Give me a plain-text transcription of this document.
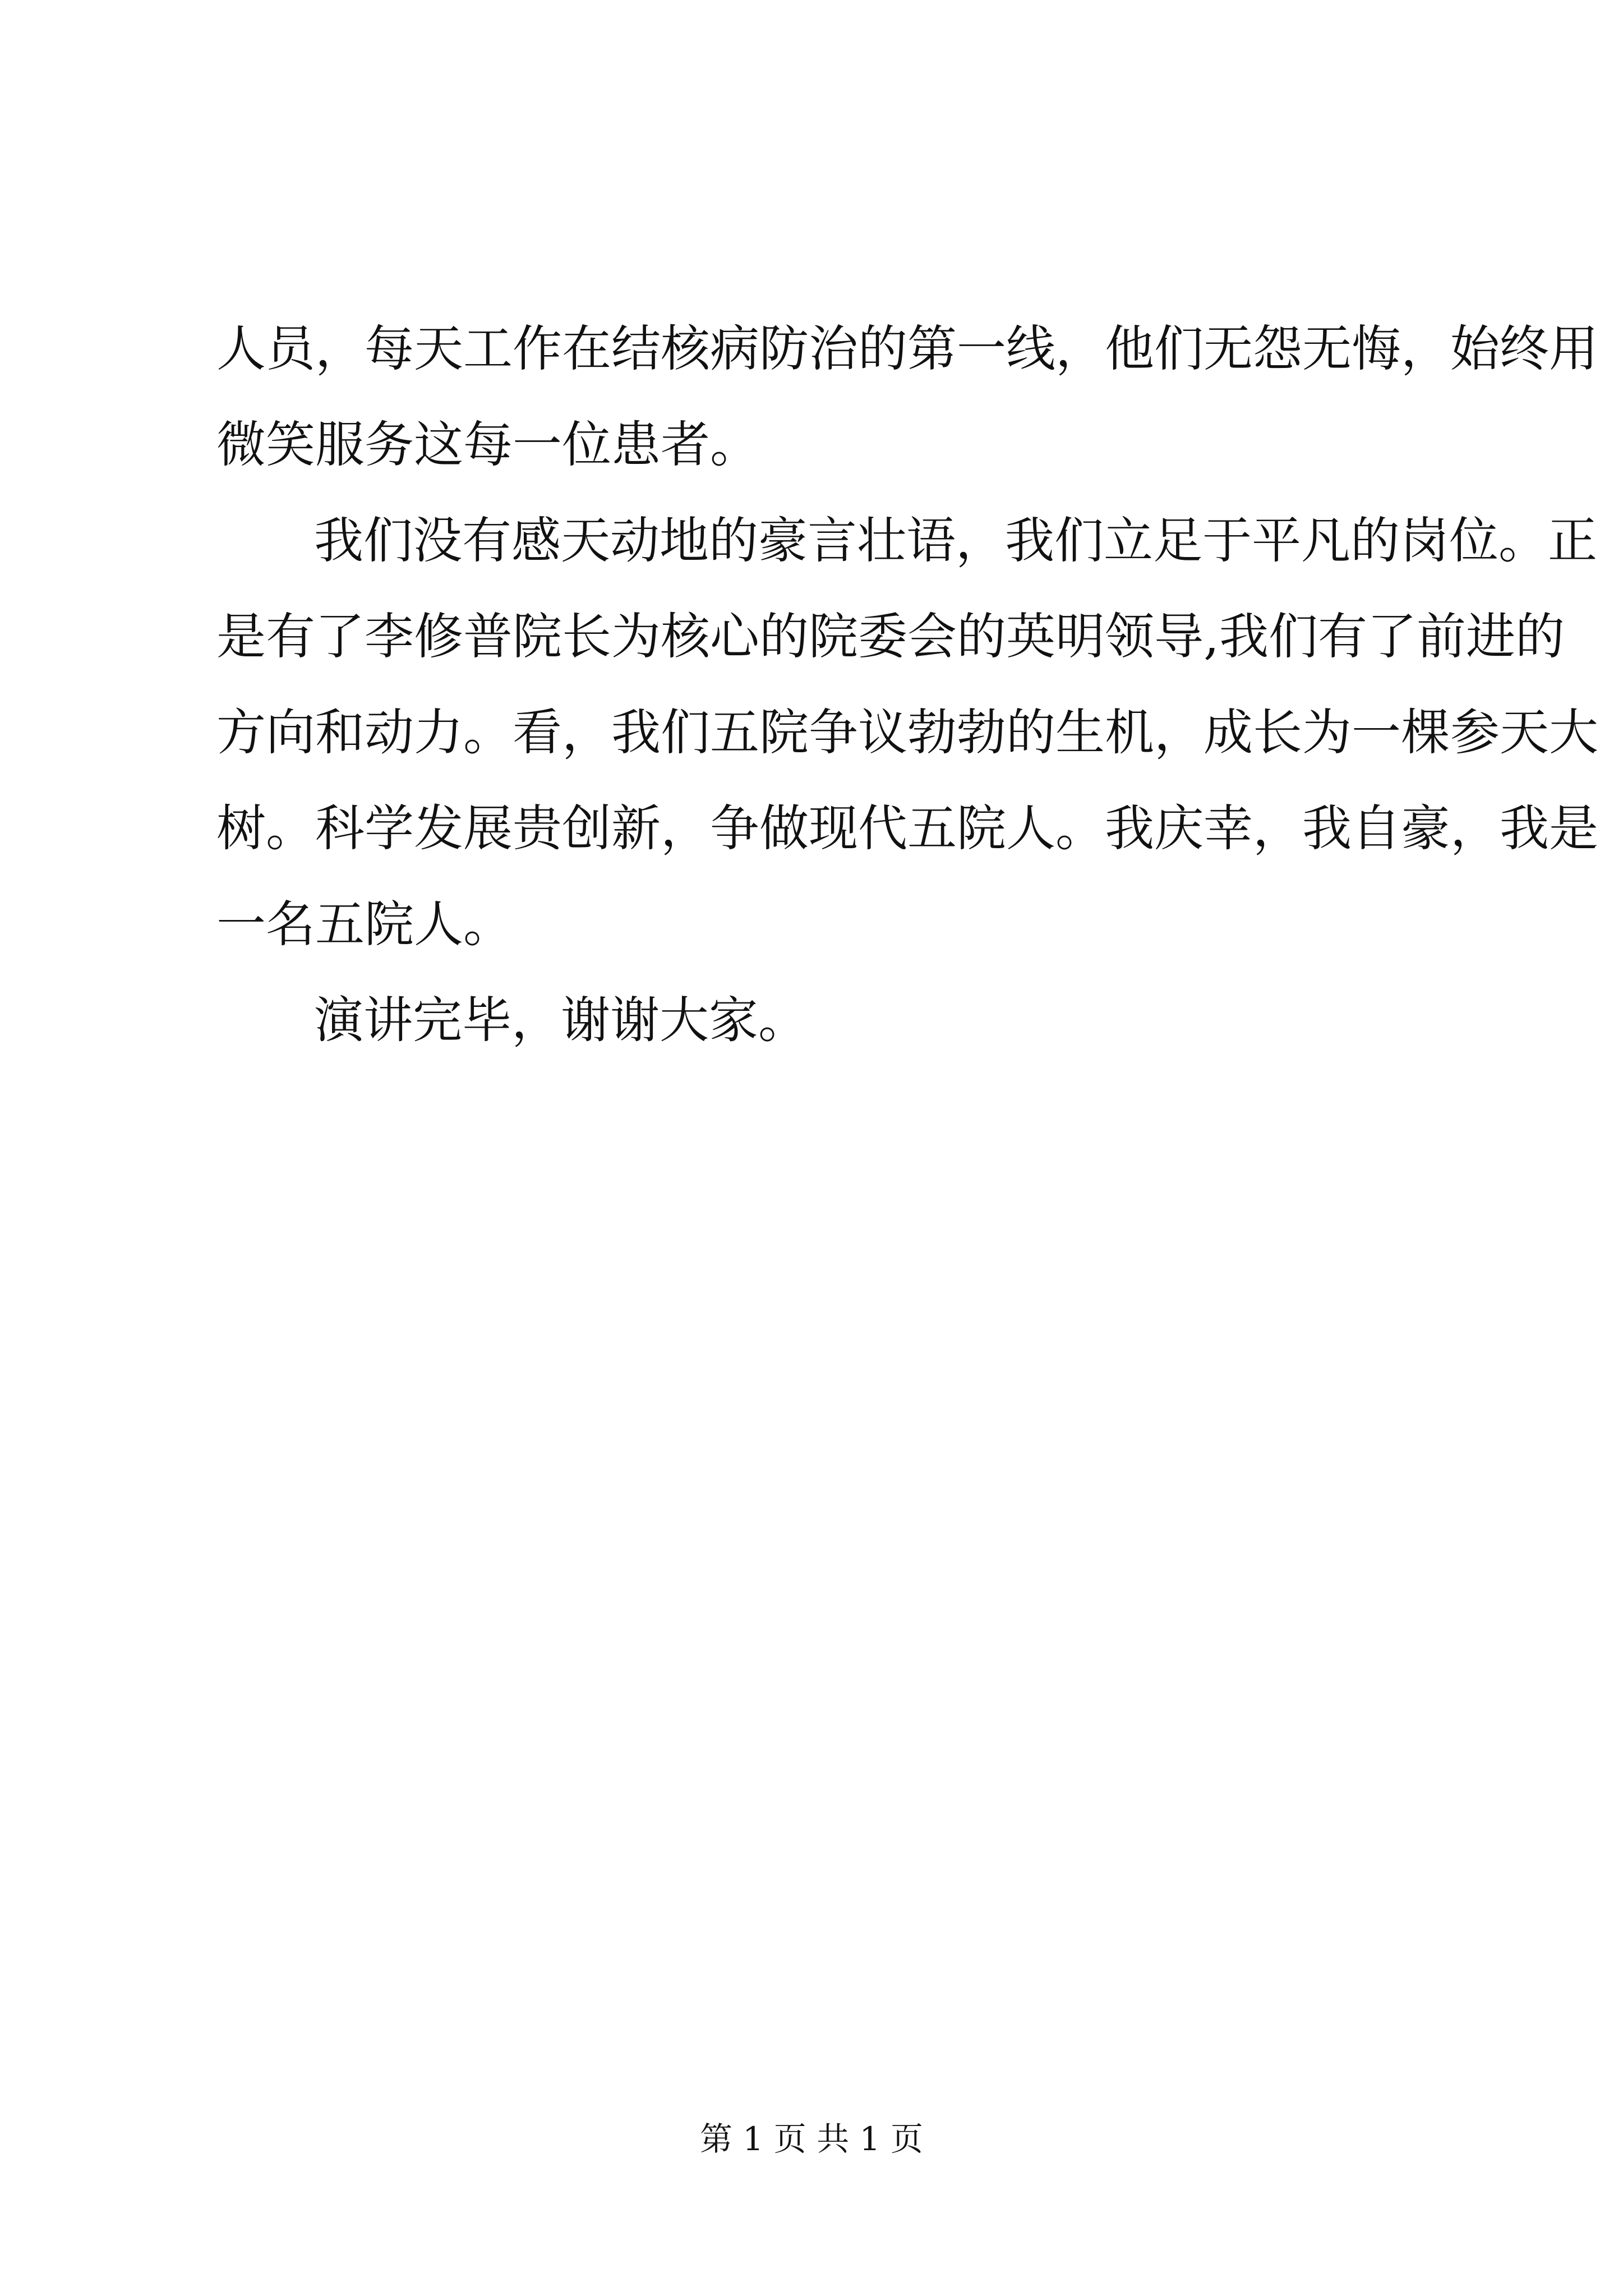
人员，每天工作在结核病防治的第一线，他们无怨无悔，始终用
微笑服务这每一位患者。
我们没有感天动地的豪言壮语，我们立足于平凡的岗位。正
是有了李修普院长为核心的院委会的英明领导,我们有了前进的
方向和动力。看，我们五院争议勃勃的生机，成长为一棵参天大
树。科学发展贵创新，争做现代五院人。我庆幸，我自豪，我是
一名五院人。
演讲完毕，谢谢大家。
第 1 页 共 1 页
